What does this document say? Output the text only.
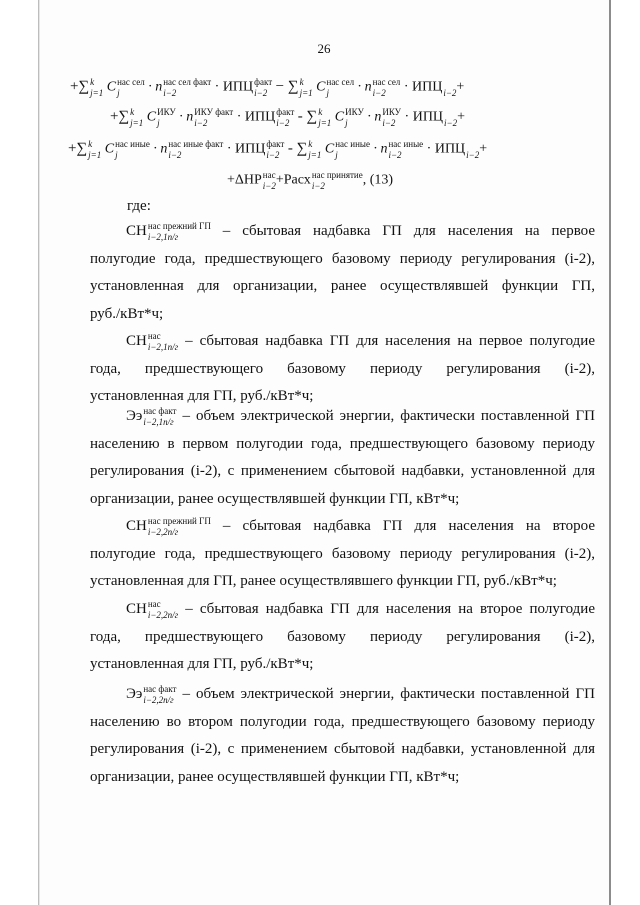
26
+∑ k
j=1 C нас сел
j	· n нас сел факт
i−2	· ИПЦ факт
i−2 − ∑ k
j=1 C нас сел
j	· n нас сел
i−2	· ИПЦ
i−2 +
+∑ k
j=1 C ИКУ
j	· n ИКУ факт
i−2	· ИПЦ факт
i−2 - ∑ k
j=1 C ИКУ
j	· n ИКУ
i−2 · ИПЦ
i−2 +
+∑ k
j=1 C нас иные
j	· n нас иные факт
i−2	· ИПЦ факт
i−2 - ∑ k
j=1 C нас иные
j	· n нас иные
i−2	· ИПЦ
i−2 +
+ΔНР нас
i−2 +Расх нас принятие
i−2	, (13)
где:
СН нас прежний ГП
i−2,1п/г	– сбытовая надбавка ГП для населения на первое
полугодие года, предшествующего базовому периоду регулирования (i-2),
установленная для организации, ранее осуществлявшей функции ГП,
руб./кВт*ч;
СН нас
i−2,1п/г – сбытовая надбавка ГП для населения на первое полугодие
года, предшествующего базовому периоду регулирования (i-2),
установленная для ГП, руб./кВт*ч;
Ээ нас факт
i−2,1п/г – объем электрической энергии, фактически поставленной ГП
населению в первом полугодии года, предшествующего базовому периоду
регулирования (i-2), с применением сбытовой надбавки, установленной для
организации, ранее осуществлявшей функции ГП, кВт*ч;
СН нас прежний ГП
i−2,2п/г	– сбытовая надбавка ГП для населения на второе
полугодие года, предшествующего базовому периоду регулирования (i-2),
установленная для ГП, ранее осуществлявшего функции ГП, руб./кВт*ч;
СН нас
i−2,2п/г – сбытовая надбавка ГП для населения на второе полугодие
года, предшествующего базовому периоду регулирования (i-2),
установленная для ГП, руб./кВт*ч;
Ээ нас факт
i−2,2п/г – объем электрической энергии, фактически поставленной ГП
населению во втором полугодии года, предшествующего базовому периоду
регулирования (i-2), с применением сбытовой надбавки, установленной для
организации, ранее осуществлявшей функции ГП, кВт*ч;
